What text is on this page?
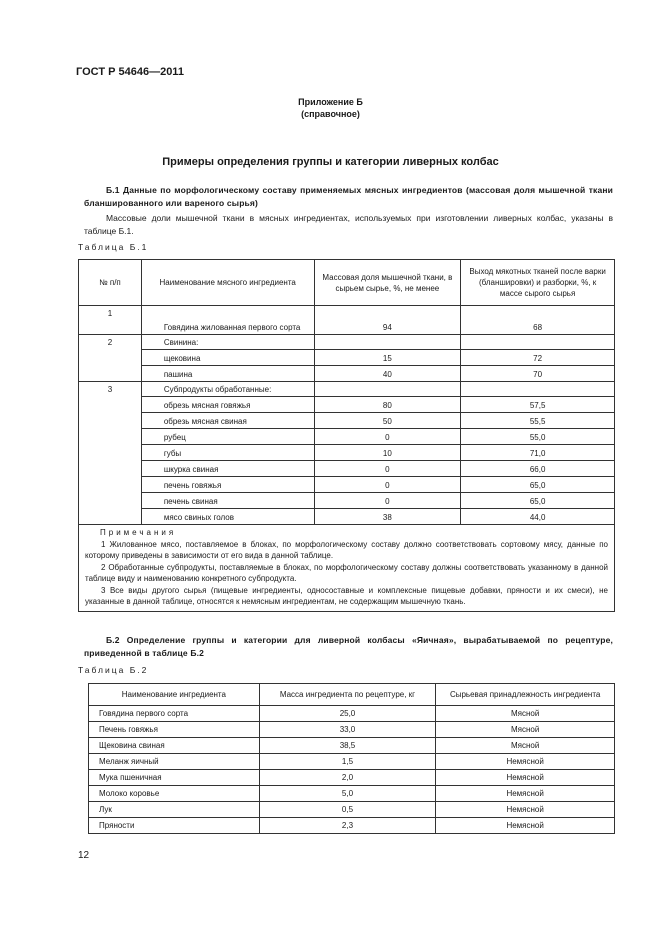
ГОСТ Р 54646—2011
Приложение Б
(справочное)
Примеры определения группы и категории ливерных колбас
Б.1 Данные по морфологическому составу применяемых мясных ингредиентов (массовая доля мышечной ткани бланшированного или вареного сырья)
Массовые доли мышечной ткани в мясных ингредиентах, используемых при изготовлении ливерных колбас, указаны в таблице Б.1.
Таблица Б.1
№ п/п	Наименование мясного ингредиента	Массовая доля мышечной ткани, в сырьем сырье, %, не менее	Выход мякотных тканей после варки (бланшировки) и разборки, %, к массе сырого сырья
1	Говядина жилованная первого сорта	94	68
2	Свинина:		
	щековина	15	72
	пашина	40	70
3	Субпродукты обработанные:		
	обрезь мясная говяжья	80	57,5
	обрезь мясная свиная	50	55,5
	рубец	0	55,0
	губы	10	71,0
	шкурка свиная	0	66,0
	печень говяжья	0	65,0
	печень свиная	0	65,0
	мясо свиных голов	38	44,0

Примечания
1 Жилованное мясо, поставляемое в блоках, по морфологическому составу должно соответствовать сортовому мясу, данные по которому приведены в зависимости от его вида в данной таблице.
2 Обработанные субпродукты, поставляемые в блоках, по морфологическому составу должны соответствовать указанному в данной таблице виду и наименованию конкретного субпродукта.
3 Все виды другого сырья (пищевые ингредиенты, односоставные и комплексные пищевые добавки, пряности и их смеси), не указанные в данной таблице, относятся к немясным ингредиентам, не содержащим мышечную ткань.			
Б.2 Определение группы и категории для ливерной колбасы «Яичная», вырабатываемой по рецептуре, приведенной в таблице Б.2
Таблица Б.2
Наименование ингредиента	Масса ингредиента по рецептуре, кг	Сырьевая принадлежность ингредиента
Говядина первого сорта	25,0	Мясной
Печень говяжья	33,0	Мясной
Щековина свиная	38,5	Мясной
Меланж яичный	1,5	Немясной
Мука пшеничная	2,0	Немясной
Молоко коровье	5,0	Немясной
Лук	0,5	Немясной
Пряности	2,3	Немясной
12
